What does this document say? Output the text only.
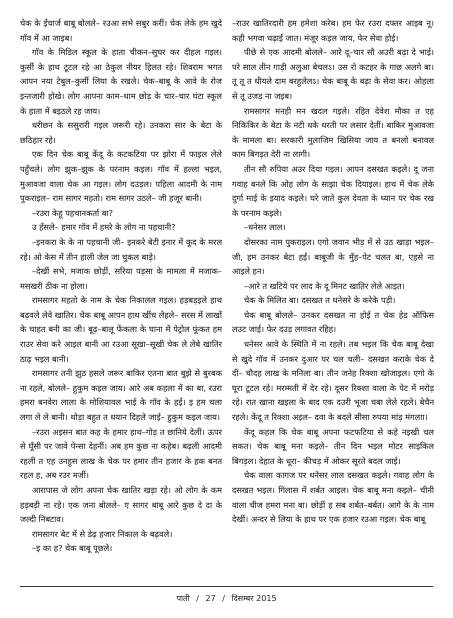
चेक के ईंचार्ज बाबू बोलले– रउआ सभे सबुर करीं। चेक लेके हम खुदे गॉव में आ जाइब।

गॉव के मिडिल स्कूल के हाता चीकन–सुघर कर दीहल गइल। कुर्सी के हाथ टूटल रहे आ ठेकुल नीयर हिलत रहे। शिवराम भगत आपन नया टेबुल–कुर्सी लिया के रखले। चेक–बाबू के आवे के रोज इन्तजारी होखे। लोग आपना काम–धाम छोड़ के चार–चार घंटा स्कूल के हाता में बइठले रह जाय।

धरीछन के ससुरारी गइल जरूरी रहे। उनकरा सार के बेटा के छठिहार रहे।

एक दिन चेक बाबू केंदू के कटकटिया पर झोरा में फाइल लेले पहुँचले। लोग झुक–झुक के परनाम कइल। गॉव में हल्ला भइल, मुआवजा वाला चेक आ गइल। लोग दउड़ल। पहिला आदमी के नाम पुकराइल– राम सागर महतो। राम सागर उठले– जी हजूर बानी।

–रउरा केहू पहचानकर्ता बा?

उ हँसले– हमार गॉव में हमरे के लोग ना पहचानी?

–इनकरा के के ना पहचानी जी– इनकरे बेटी इनार में कूद के मरल रहे। ओ केस में तीन हाली जेल जा चुकल बाडे़।

–देखीं सभे, मजाक छोड़ीं, सरिया पड़सा के मामला में मजाक–मसखरी ठीक ना होला।

रामसागर महतो के नाम के चेक निकालल गइल। हड़बड़इले हाथ बढ़वले लेवे खातिर। चेक बाबू आपन हाथ खींच लेहले– सरस में लाखों के चाहत बनी का जी। बूढ़–बालू फेंकला के घाना में पेट्रोल फूंकत हम राउर सेवा करे आइल बानी आ रउआ सूखा–सूखी चेक ले लेबे खातिर ठाढ़ भइल बानी।

रामसागर तनी झुठ हसले जरूर बाकिर एतना बात बुझे से बुरबक ना रहले, बोलले– हुकुम कइल जाय। आरे अब कहला में का बा, रउरा हमरा बनवेरा लाला के मोशियावल भाई के गॉव के हईं। इ हम चला लगा ले ले बानी। थोड़ा बहुत त धयान दिहले जाई– हुकुम कइल जाय।

–रउरा अइसन बात कह के हमार हाथ–गोड़ त छानिये देलीं। ऊपर से घूँसी पर जावे पेन्सा देहनीं। अब हम कुछ ना कहेब। बढ़ली आदमी रहलीं त एह उनहुस लाख के चेक पर हमार तीन हजार के हक बनत रहल ह, अब रउर मर्जी।

आरापास जे लोग अपना चेक खातिर खड़ा रहे। ओ लोग के कम हड़बड़ी ना रहे। एक जना बोलले– ए सागर बाबू आरे कुछ दे दा के जल्दी निबटाव।

रामसागर बेट में से डेढ़ हजार निकाल के बढ़वले।

–इ का ह? चेक बाबू पूछले।

–राउर खातिरदारी हम हमेशा करेब। हम फेर रउरा दफ्तर आइब नू। कही भगवा चढ़ाईं जात। मंजूर कइल जाय, फेर सेवा होई।

पीछे से एक आदमी बोलले– आरे दू–चार सौ अउरी बढ़ा दे भाई। परे साल तीन गाड़ी अलुआ बेचलऽ। उस रो कटहर के गाछ अलगे बा। तू तू त धीयले दाम बरहुलेलऽ। चेक बाबू के बढ़ा के सेवा कर। ओहला से तू उजड़ ना जइब।

रामसागर मनही मन खदल गइले। रहित देवेश मौका त एह निकिकिर के बेटा के नटी धके धरती पर लसार देतीं। बाकिर मुआवजा के मामला बा। सरकारी मुलाजिम खिसिया जाय त बनलो बनावल काम बिगड़त देरी ना लागी।

तीन सौ रुपिया अउर दिया गइल। आपन दसखत कइले। दू जना गवाह बनले कि ओह लोग के साझा चेक दियाइल। हाथ में चेक लेके दुर्गा माई के इयाद कइले। घरे जाते कुल देवता के ध्यान पर चेक रख के परनाम कइले।

–धनेसर लाल।

दोसरका नाम पुकराइल। एगो जवान भीड़ में से उठ खाड़ा भइल– जी, हम उनकर बेटा हईं। बाबूजी के मुँह–पेट चलत बा, एहसे ना आइले हन।

–आरे त खटिये पर लाद के दू मिनट खातिर लेले आइत।

चेक के मिलित बा। दसखत त धनेसरे के करेके पड़ी।

चेक बाबू बोलले– उनकर दसखत ना होई त चेक हेड ऑफिस लउट जाई। फेर दउड़ लगावत रहिह।

धनेसर आवे के स्थिति में ना रहले। तब भइल कि चेक बाबू देखा से खुदे गॉव में उनकर दुआर पर चल चली– दसखत कराके चेक दे दीं– चौदह लाख के मनिला बा। तीन जनेह रिक्शा खोजाइल। एगो के घूरा टूटल रहे। मरम्मती में देर रहे। दूसर रिक्शा वाला के पेट में मरोड़ रहे। रात खाना खइला के बाद एक दउरी भूजा चबा लेले रहले। बेचैन रहले। केंदू त रिक्शा अइल– दवा के बदले सीसा रुपया मांड़ मंगलाा।

केंदू कहल कि चेक बाबू अपना फटफटिया से कहे नइखी चल सकत। चेक बाबू मना कइले– तीन दिन भइल मोटर साइकिल बिगड़ल। देहात के धूरा– कीचड़ में ओकर सूरते बदल जाई।

चेक वाला कागज पर धनेसर लाल दसखत कइले। गवाह लोग के दसखत भइल। गिलास में शर्बत आइल। चेक बाबू मना कइले– चीनी वाला चीज हमरा मना बा। छोड़ीं ह सब शर्बत–बर्बत। आगे के के नाम देखीं। अन्दर से लिया के हाथ पर एक हजार रउआ गइल। चेक बाबू

पाती / 27 / दिसम्बर 2015
